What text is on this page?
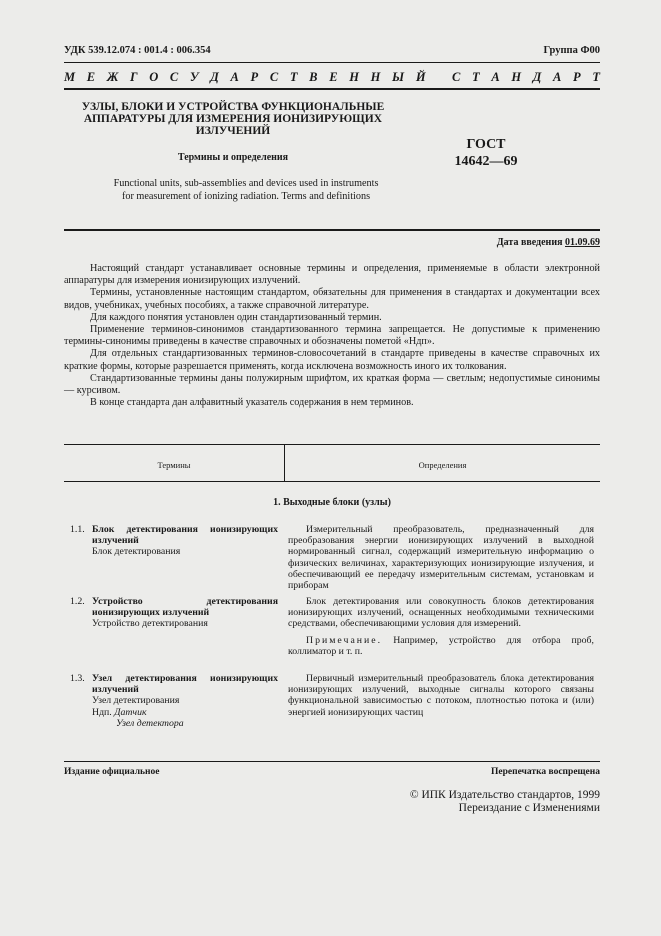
УДК 539.12.074 : 001.4 : 006.354	Группа Ф00
М Е Ж Г О С У Д А Р С Т В Е Н Н Ы Й
С Т А Н Д А Р Т
УЗЛЫ, БЛОКИ И УСТРОЙСТВА ФУНКЦИОНАЛЬНЫЕ
АППАРАТУРЫ ДЛЯ ИЗМЕРЕНИЯ ИОНИЗИРУЮЩИХ
ИЗЛУЧЕНИЙ
Термины и определения
Functional units, sub-assemblies and devices used in instruments
for measurement of ionizing radiation. Terms and definitions
ГОСТ
14642—69
Дата введения 01.09.69

Настоящий стандарт устанавливает основные термины и определения, применяемые в области электронной аппаратуры для измерения ионизирующих излучений.

Термины, установленные настоящим стандартом, обязательны для применения в стандартах и документации всех видов, учебниках, учебных пособиях, а также справочной литературе.

Для каждого понятия установлен один стандартизованный термин.

Применение терминов-синонимов стандартизованного термина запрещается. Не допустимые к применению термины-синонимы приведены в качестве справочных и обозначены пометой «Ндп».

Для отдельных стандартизованных терминов-словосочетаний в стандарте приведены в качестве справочных их краткие формы, которые разрешается применять, когда исключена возможность иного их толкования.

Стандартизованные термины даны полужирным шрифтом, их краткая форма — светлым; недопустимые синонимы — курсивом.

В конце стандарта дан алфавитный указатель содержания в нем терминов.

Термины	Определения
1. Выходные блоки (узлы)
1.1. Блок детектирования ионизирующих излучений
Блок детектирования

Измерительный преобразователь, предназначенный для преобразования энергии ионизирующих излучений в выходной нормированный сигнал, содержащий измерительную информацию о физических величинах, характеризующих ионизирующие излучения, и обеспечивающий ее передачу измерительным системам, установкам и приборам

1.2. Устройство детектирования ионизирующих излучений
Устройство детектирования

Блок детектирования или совокупность блоков детектирования ионизирующих излучений, оснащенных необходимыми техническими средствами, обеспечивающими условия для измерений.

Примечание. Например, устройство для отбора проб, коллиматор и т. п.

1.3. Узел детектирования ионизирующих излучений
Узел детектирования
Ндп. Датчик
Узел детектора

Первичный измерительный преобразователь блока детектирования ионизирующих излучений, выходные сигналы которого связаны функциональной зависимостью с потоком, плотностью потока и (или) энергией ионизирующих частиц

Издание официальное	Перепечатка воспрещена
© ИПК Издательство стандартов, 1999
Переиздание с Изменениями
